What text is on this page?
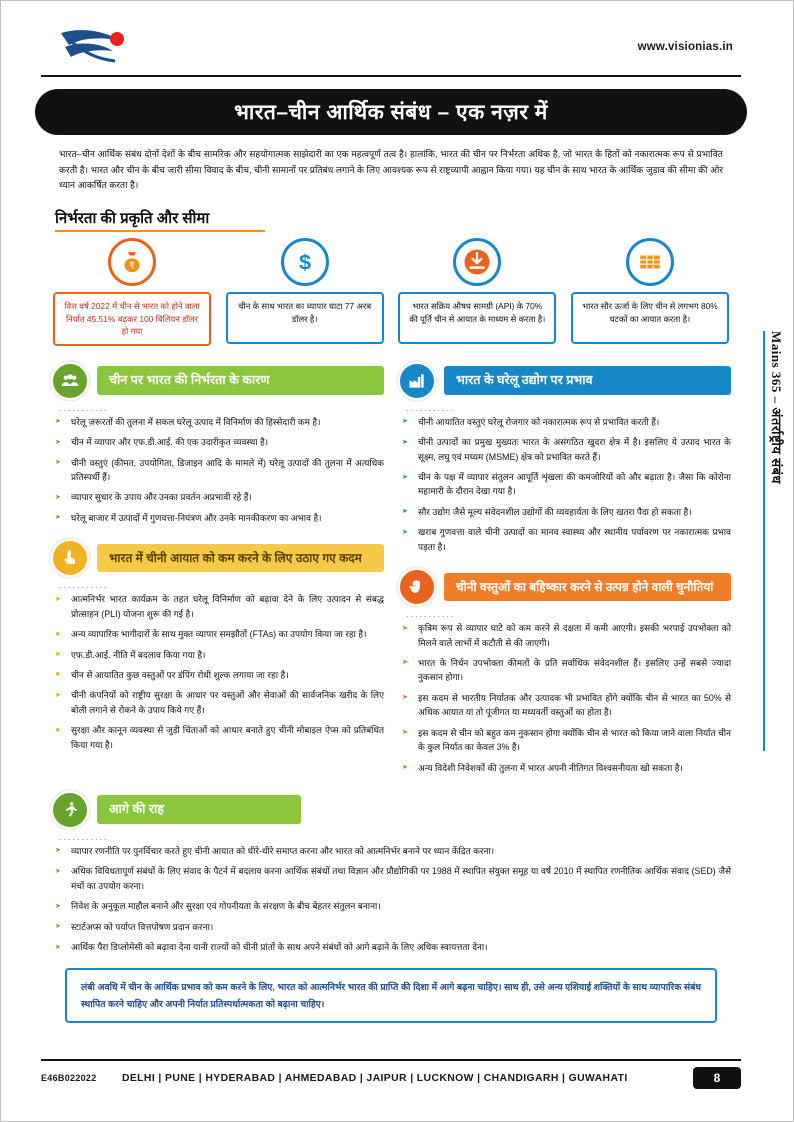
www.visionias.in
भारत–चीन आर्थिक संबंध – एक नज़र में
भारत–चीन आर्थिक संबंध दोनों देशों के बीच सामरिक और सहयोगात्मक साझेदारी का एक महत्वपूर्ण तत्व है। हालांकि, भारत की चीन पर निर्भरता अधिक है, जो भारत के हितों को नकारात्मक रूप से प्रभावित करती है। भारत और चीन के बीच जारी सीमा विवाद के बीच, चीनी सामानों पर प्रतिबंध लगाने के लिए आवश्यक रूप से राष्ट्रव्यापी आह्वान किया गया। यह चीन के साथ भारत के आर्थिक जुड़ाव की सीमा की ओर ध्यान आकर्षित करता है।
निर्भरता की प्रकृति और सीमा
₹
वित्त वर्ष 2022 में चीन से भारत को होने वाला निर्यात 45.51% बढ़कर 100 बिलियन डॉलर हो गया
$
चीन के साथ भारत का व्यापार घाटा 77 अरब डॉलर है।
भारत सक्रिय औषध सामग्री (API) के 70% की पूर्ति चीन से आयात के माध्यम से करता है।
भारत सौर ऊर्जा के लिए चीन से लगभग 80% घटकों का आयात करता है।
चीन पर भारत की निर्भरता के कारण
...........
➤ घरेलू ज़रूरतों की तुलना में सकल घरेलू उत्पाद में विनिर्माण की हिस्सेदारी कम है।
➤ चीन में व्यापार और एफ.डी.आई. की एक उदारीकृत व्यवस्था है।
➤ चीनी वस्तुएं (कीमत, उपयोगिता, डिजाइन आदि के मामले में) घरेलू उत्पादों की तुलना में अत्यधिक प्रतिस्पर्धी हैं।
➤ व्यापार सुधार के उपाय और उनका प्रवर्तन अप्रभावी रहे हैं।
➤ घरेलू बाजार में उत्पादों में गुणवत्ता-नियंत्रण और उनके मानकीकरण का अभाव है।
भारत में चीनी आयात को कम करने के लिए उठाए गए कदम
...........
➤ आत्मनिर्भर भारत कार्यक्रम के तहत घरेलू विनिर्माण को बढ़ावा देने के लिए उत्पादन से संबद्ध प्रोत्साहन (PLI) योजना शुरू की गई है।
➤ अन्य व्यापारिक भागीदारों के साथ मुक्त व्यापार समझौतों (FTAs) का उपयोग किया जा रहा है।
➤ एफ.डी.आई. नीति में बदलाव किया गया है।
➤ चीन से आयातित कुछ वस्तुओं पर डंपिंग रोधी शुल्क लगाया जा रहा है।
➤ चीनी कंपनियों को राष्ट्रीय सुरक्षा के आधार पर वस्तुओं और सेवाओं की सार्वजनिक खरीद के लिए बोली लगाने से रोकने के उपाय किये गए हैं।
➤ सुरक्षा और कानून व्यवस्था से जुड़ी चिंताओं को आधार बनाते हुए चीनी मोबाइल ऐप्स को प्रतिबंधित किया गया है।
भारत के घरेलू उद्योग पर प्रभाव
...........
➤ चीनी आयातित वस्तुएं घरेलू रोजगार को नकारात्मक रूप से प्रभावित करती हैं।
➤ चीनी उत्पादों का प्रमुख मुख्यतः भारत के असंगठित खुदरा क्षेत्र में है। इसलिए ये उत्पाद भारत के सूक्ष्म, लघु एवं मध्यम (MSME) क्षेत्र को प्रभावित करते हैं।
➤ चीन के पक्ष में व्यापार संतुलन आपूर्ति शृंखला की कमजोरियों को और बढ़ाता है। जैसा कि कोरोना महामारी के दौरान देखा गया है।
➤ सौर उद्योग जैसे मूल्य संवेदनशील उद्योगों की व्यवहार्यता के लिए खतरा पैदा हो सकता है।
➤ खराब गुणवत्ता वाले चीनी उत्पादों का मानव स्वास्थ्य और स्थानीय पर्यावरण पर नकारात्मक प्रभाव पड़ता है।
चीनी वस्तुओं का बहिष्कार करने से उत्पन्न होने वाली चुनौतियां
...........
➤ कृत्रिम रूप से व्यापार घाटे को कम करने से दक्षता में कमी आएगी। इसकी भरपाई उपभोक्ता को मिलने वाले लाभों में कटौती से की जाएगी।
➤ भारत के निर्धन उपभोक्ता कीमतों के प्रति सर्वाधिक संवेदनशील हैं। इसलिए उन्हें सबसे ज्यादा नुकसान होगा।
➤ इस कदम से भारतीय निर्यातक और उत्पादक भी प्रभावित होंगे क्योंकि चीन से भारत का 50% से अधिक आयात या तो पूंजीगत या मध्यवर्ती वस्तुओं का होता है।
➤ इस कदम से चीन को बहुत कम नुकसान होगा क्योंकि चीन से भारत को किया जाने वाला निर्यात चीन के कुल निर्यात का केवल 3% है।
➤ अन्य विदेशी निवेशकों की तुलना में भारत अपनी नीतिगत विश्वसनीयता खो सकता है।
आगे की राह
...........
➤ व्यापार रणनीति पर पुनर्विचार करते हुए चीनी आयात को धीरे-धीरे समाप्त करना और भारत को आत्मनिर्भर बनाने पर ध्यान केंद्रित करना।
➤ अधिक विविधतापूर्ण संबंधों के लिए संवाद के पैटर्न में बदलाव करना आर्थिक संबंधों तथा विज्ञान और प्रौद्योगिकी पर 1988 में स्थापित संयुक्त समूह या वर्ष 2010 में स्थापित रणनीतिक आर्थिक संवाद (SED) जैसे मंचों का उपयोग करना।
➤ निवेश के अनुकूल माहौल बनाने और सुरक्षा एवं गोपनीयता के संरक्षण के बीच बेहतर संतुलन बनाना।
➤ स्टार्टअप्स को पर्याप्त वित्तपोषण प्रदान करना।
➤ आर्थिक पैरा डिप्लोमेसी को बढ़ावा देना यानी राज्यों को चीनी प्रांतों के साथ अपने संबंधों को आगे बढ़ाने के लिए अधिक स्वायत्तता देना।
लंबी अवधि में चीन के आर्थिक प्रभाव को कम करने के लिए, भारत को आत्मनिर्भर भारत की प्राप्ति की दिशा में आगे बढ़ना चाहिए। साथ ही, उसे अन्य एशियाई शक्तियों के साथ व्यापारिक संबंध स्थापित करने चाहिए और अपनी निर्यात प्रतिस्पर्धात्मकता को बढ़ाना चाहिए।
E46B022022	DELHI | PUNE | HYDERABAD | AHMEDABAD | JAIPUR | LUCKNOW | CHANDIGARH | GUWAHATI	8
Mains 365 – अंतर्राष्ट्रीय संबंध
